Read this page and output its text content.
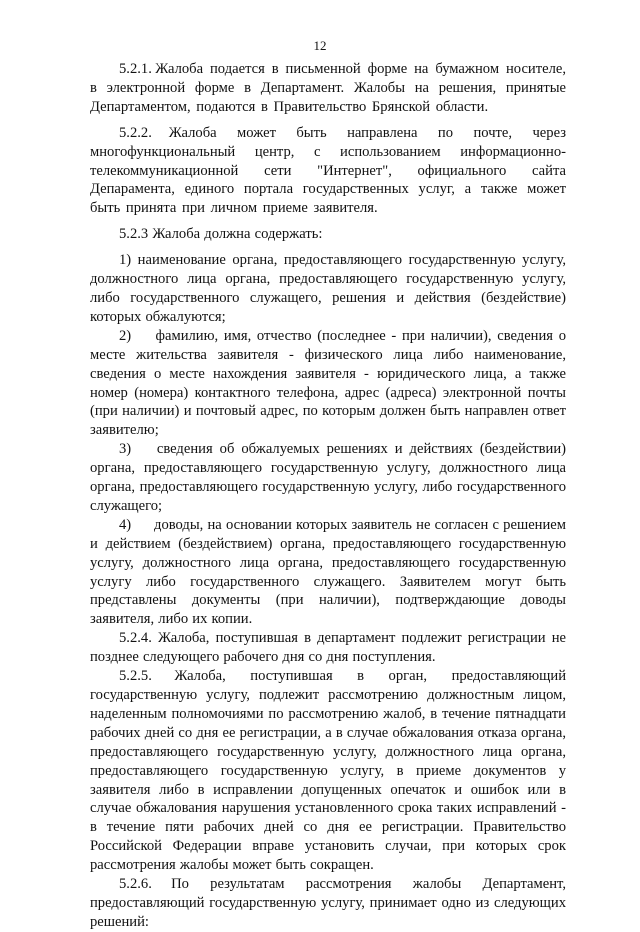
12

5.2.1.	Жалоба подается в письменной форме на бумажном носителе, в электронной форме в Департамент. Жалобы на решения, принятые Департаментом, подаются в Правительство Брянской области.

5.2.2.	Жалоба может быть направлена по почте, через многофункциональный центр, с использованием информационно-телекоммуникационной сети "Интернет", официального сайта Депарамента, единого портала государственных услуг, а также может быть принята при личном приеме заявителя.

5.2.3 Жалоба должна содержать:

1) наименование органа, предоставляющего государственную услугу, должностного лица органа, предоставляющего государственную услугу, либо государственного служащего, решения и действия (бездействие) которых обжалуются;

2)	фамилию, имя, отчество (последнее - при наличии), сведения о месте жительства заявителя - физического лица либо наименование, сведения о месте нахождения заявителя - юридического лица, а также номер (номера) контактного телефона, адрес (адреса) электронной почты (при наличии) и почтовый адрес, по которым должен быть направлен ответ заявителю;

3)	сведения об обжалуемых решениях и действиях (бездействии) органа, предоставляющего государственную услугу, должностного лица органа, предоставляющего государственную услугу, либо государственного служащего;

4)	доводы, на основании которых заявитель не согласен с решением и действием (бездействием) органа, предоставляющего государственную услугу, должностного лица органа, предоставляющего государственную услугу либо государственного служащего. Заявителем могут быть представлены документы (при наличии), подтверждающие доводы заявителя, либо их копии.

5.2.4. Жалоба, поступившая в департамент подлежит регистрации не позднее следующего рабочего дня со дня поступления.

5.2.5.	Жалоба, поступившая в орган, предоставляющий государственную услугу, подлежит рассмотрению должностным лицом, наделенным полномочиями по рассмотрению жалоб, в течение пятнадцати рабочих дней со дня ее регистрации, а в случае обжалования отказа органа, предоставляющего государственную услугу, должностного лица органа, предоставляющего государственную услугу, в приеме документов у заявителя либо в исправлении допущенных опечаток и ошибок или в случае обжалования нарушения установленного срока таких исправлений - в течение пяти рабочих дней со дня ее регистрации. Правительство Российской Федерации вправе установить случаи, при которых срок рассмотрения жалобы может быть сокращен.

5.2.6.	По результатам рассмотрения жалобы Департамент, предоставляющий государственную услугу, принимает одно из следующих решений:
